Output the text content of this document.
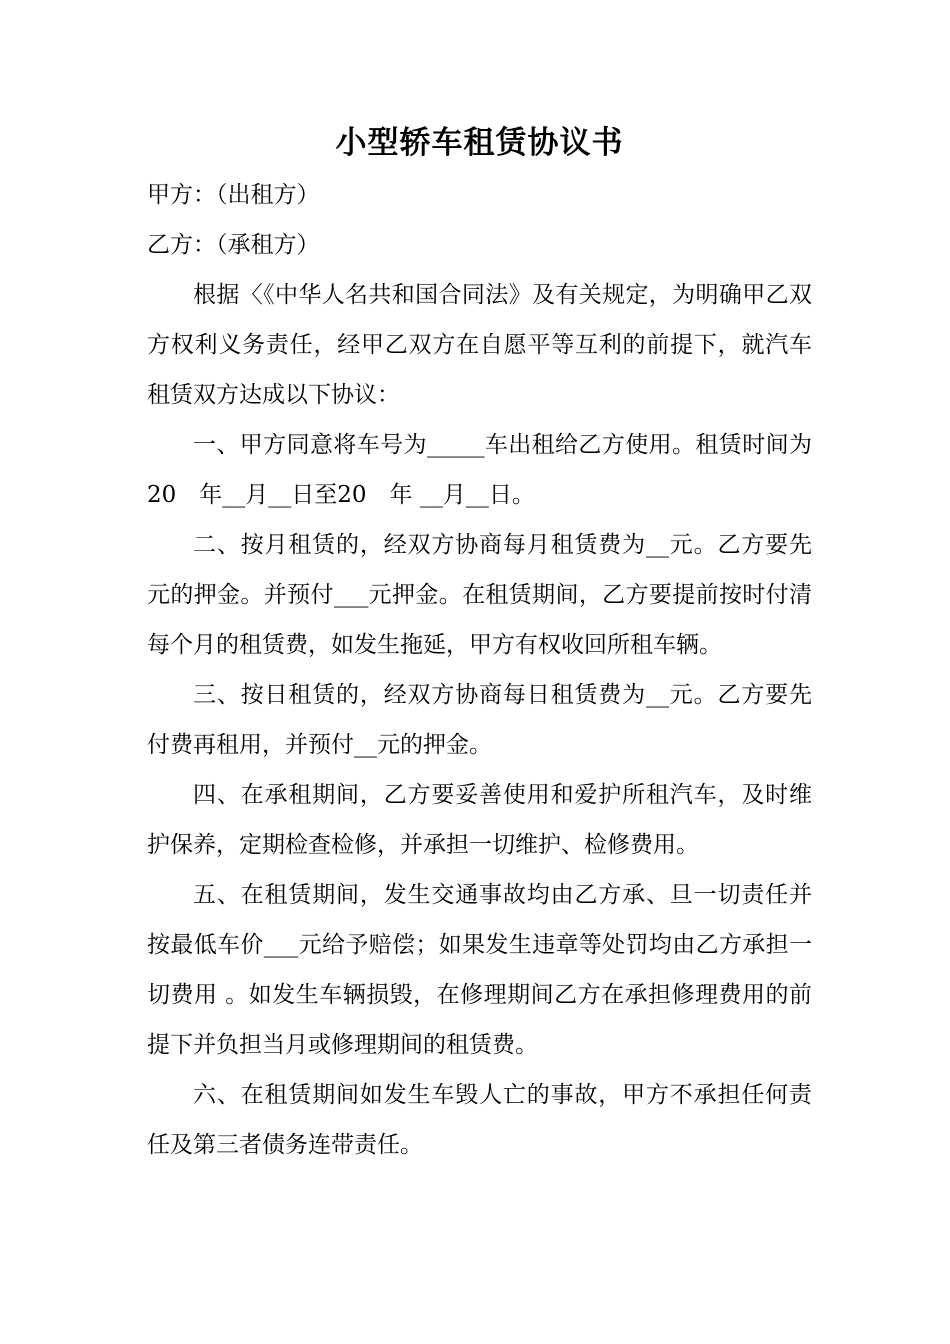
小型轿车租赁协议书

甲方：（出租方）

乙方：（承租方）

根据〈《中华人名共和国合同法》及有关规定，为明确甲乙双方权利义务责任，经甲乙双方在自愿平等互利的前提下，就汽车租赁双方达成以下协议：

一、甲方同意将车号为_____车出租给乙方使用。租赁时间为20　年__月__日至20　年 __月__日。

二、按月租赁的，经双方协商每月租赁费为__元。乙方要先元的押金。并预付___元押金。在租赁期间，乙方要提前按时付清每个月的租赁费，如发生拖延，甲方有权收回所租车辆。

三、按日租赁的，经双方协商每日租赁费为__元。乙方要先付费再租用，并预付__元的押金。

四、在承租期间，乙方要妥善使用和爱护所租汽车，及时维护保养，定期检查检修，并承担一切维护、检修费用。

五、在租赁期间，发生交通事故均由乙方承、旦一切责任并按最低车价___元给予赔偿；如果发生违章等处罚均由乙方承担一切费用 。如发生车辆损毁，在修理期间乙方在承担修理费用的前提下并负担当月或修理期间的租赁费。

六、在租赁期间如发生车毁人亡的事故，甲方不承担任何责任及第三者债务连带责任。
